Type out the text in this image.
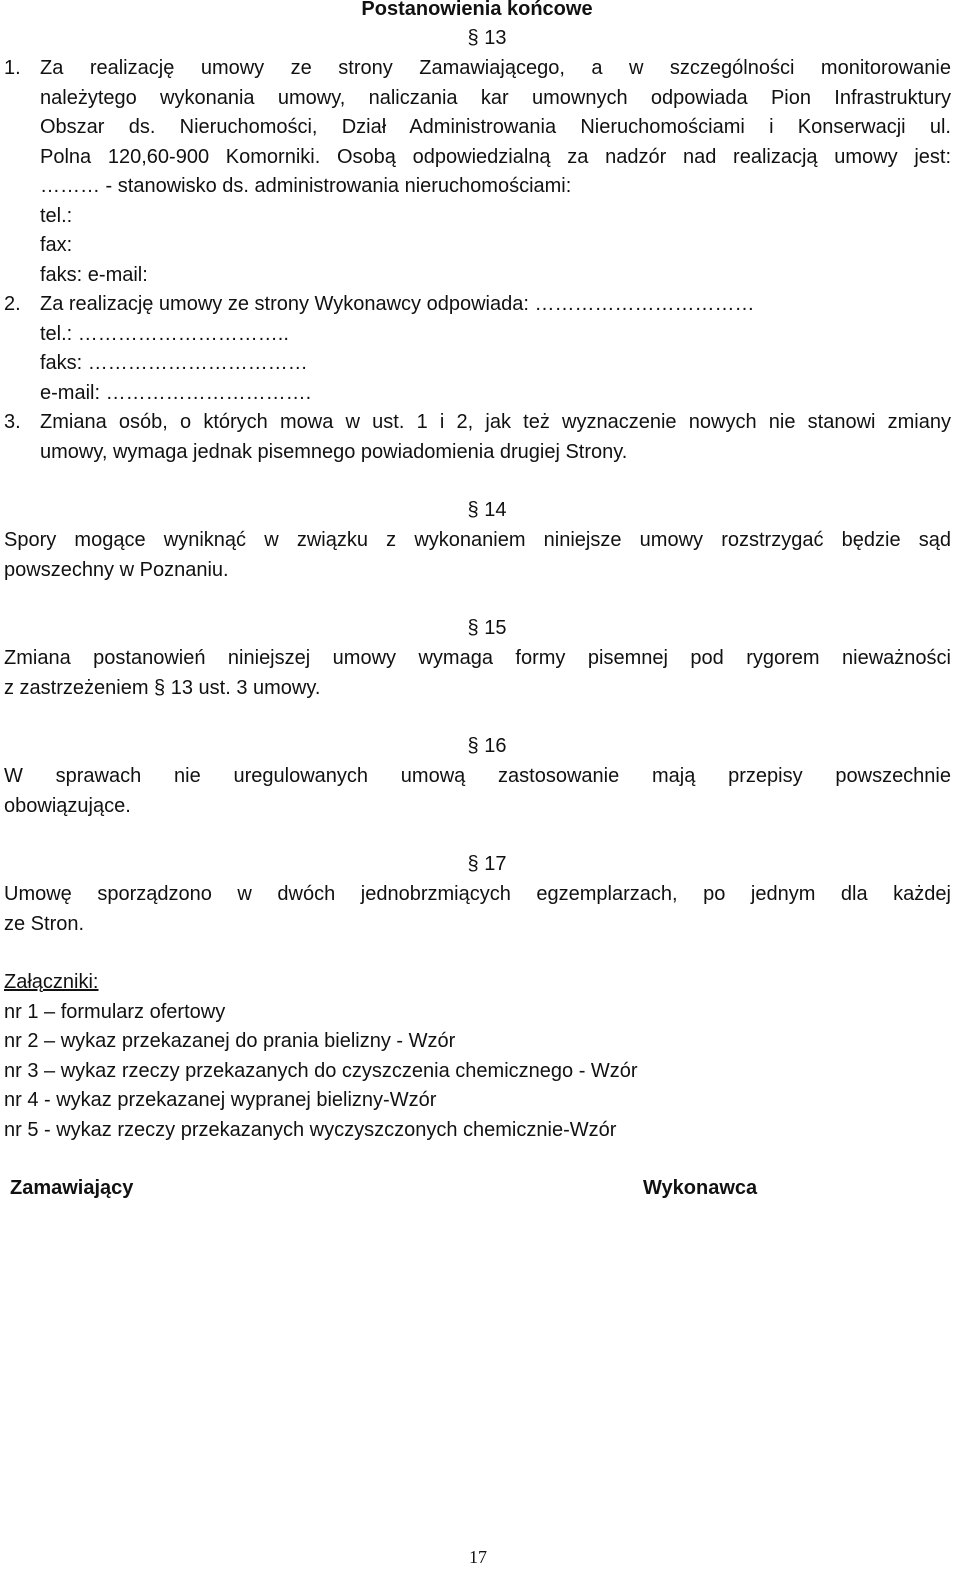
Postanowienia końcowe
§ 13
1. Za realizację umowy ze strony Zamawiającego, a w szczególności monitorowanie
należytego wykonania umowy, naliczania kar umownych odpowiada Pion Infrastruktury
Obszar ds. Nieruchomości, Dział Administrowania Nieruchomościami i Konserwacji ul.
Polna 120,60-900 Komorniki. Osobą odpowiedzialną za nadzór nad realizacją umowy jest:
……… - stanowisko ds. administrowania nieruchomościami:
tel.:
fax:
faks: e-mail:
2. Za realizację umowy ze strony Wykonawcy odpowiada: ……………………………
tel.: …………………………..
faks: ……………………………
e-mail: ………………………….
3. Zmiana osób, o których mowa w ust. 1 i 2, jak też wyznaczenie nowych nie stanowi zmiany
umowy, wymaga jednak pisemnego powiadomienia drugiej Strony.
§ 14
Spory mogące wyniknąć w związku z wykonaniem niniejsze umowy rozstrzygać będzie sąd
powszechny w Poznaniu.
§ 15
Zmiana postanowień niniejszej umowy wymaga formy pisemnej pod rygorem nieważności
z zastrzeżeniem § 13 ust. 3 umowy.
§ 16
W sprawach nie uregulowanych umową zastosowanie mają przepisy powszechnie
obowiązujące.
§ 17
Umowę sporządzono w dwóch jednobrzmiących egzemplarzach, po jednym dla każdej
ze Stron.
Załączniki:
nr 1 – formularz ofertowy
nr 2 – wykaz przekazanej do prania bielizny - Wzór
nr 3 – wykaz rzeczy przekazanych do czyszczenia chemicznego - Wzór
nr 4 - wykaz przekazanej wypranej bielizny-Wzór
nr 5 - wykaz rzeczy przekazanych wyczyszczonych chemicznie-Wzór
Zamawiający	Wykonawca
17
